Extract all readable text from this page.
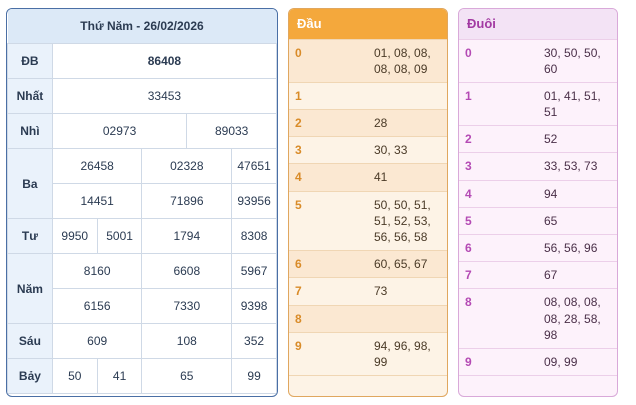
Thứ Năm - 26/02/2026					
ĐB	86408				
Nhất	33453				
Nhì	02973			89033	
Ba	26458		02328		47651
	14451		71896		93956
Tư	9950	5001	1794		8308
Năm	8160		6608		5967
	6156		7330		9398
Sáu	609		108		352
Bảy	50	41	65		99
Đầu	
0	01, 08, 08, 08, 08, 09
1	
2	28
3	30, 33
4	41
5	50, 50, 51, 51, 52, 53, 56, 56, 58
6	60, 65, 67
7	73
8	
9	94, 96, 98, 99
Đuôi	
0	30, 50, 50, 60
1	01, 41, 51, 51
2	52
3	33, 53, 73
4	94
5	65
6	56, 56, 96
7	67
8	08, 08, 08, 08, 28, 58, 98
9	09, 99
